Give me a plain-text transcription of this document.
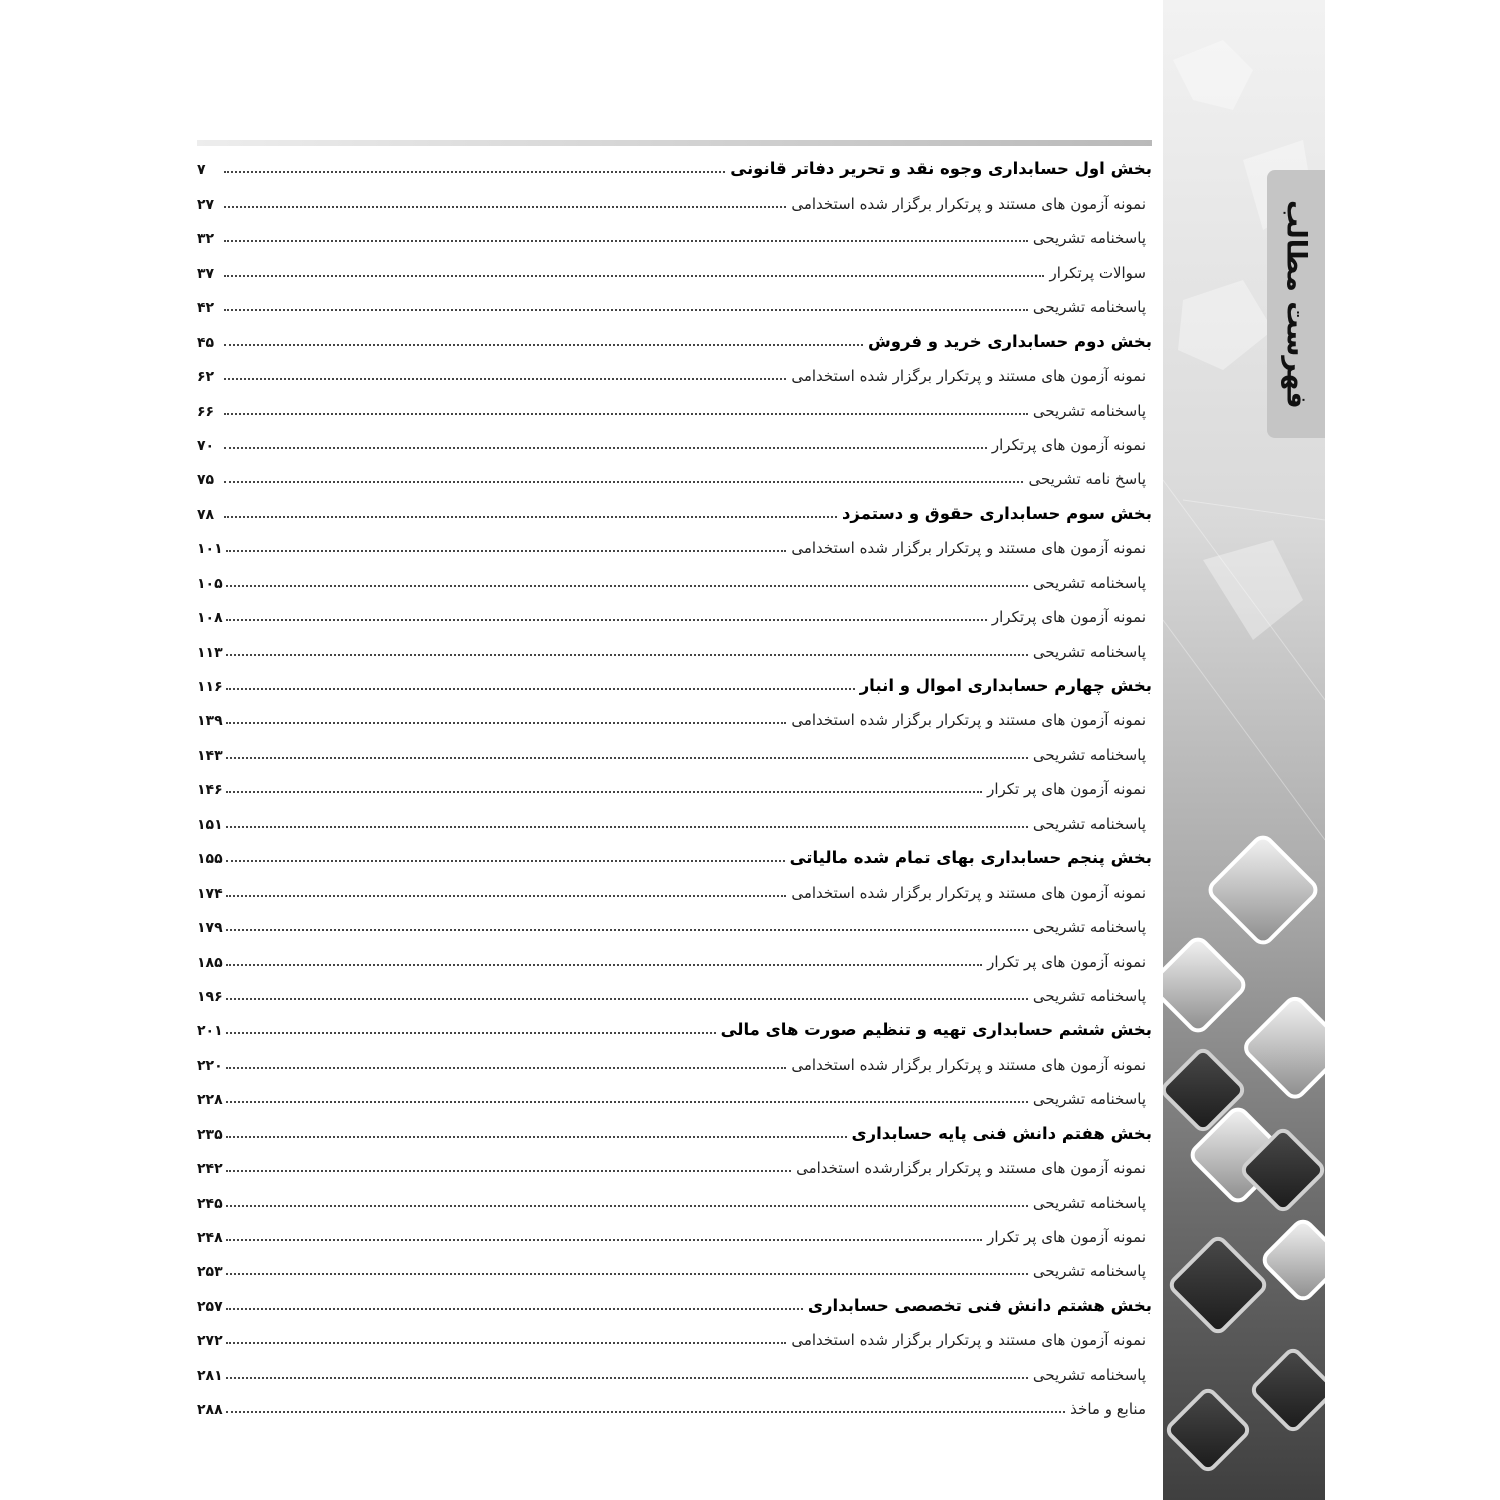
فهرست مطالب
بخش اول حسابداری وجوه نقد و تحریر دفاتر قانونی
۷
نمونه آزمون های مستند و پرتکرار برگزار شده استخدامی
۲۷
پاسخنامه تشریحی
۳۲
سوالات پرتکرار
۳۷
پاسخنامه تشریحی
۴۲
بخش دوم حسابداری خرید و فروش
۴۵
نمونه آزمون های مستند و پرتکرار برگزار شده استخدامی
۶۲
پاسخنامه تشریحی
۶۶
نمونه آزمون های پرتکرار
۷۰
پاسخ نامه تشریحی
۷۵
بخش سوم حسابداری حقوق و دستمزد
۷۸
نمونه آزمون های مستند و پرتکرار برگزار شده استخدامی
۱۰۱
پاسخنامه تشریحی
۱۰۵
نمونه آزمون های پرتکرار
۱۰۸
پاسخنامه تشریحی
۱۱۳
بخش چهارم حسابداری اموال و انبار
۱۱۶
نمونه آزمون های مستند و پرتکرار برگزار شده استخدامی
۱۳۹
پاسخنامه تشریحی
۱۴۳
نمونه آزمون های پر تکرار
۱۴۶
پاسخنامه تشریحی
۱۵۱
بخش پنجم حسابداری بهای تمام شده مالیاتی
۱۵۵
نمونه آزمون های مستند و پرتکرار برگزار شده استخدامی
۱۷۴
پاسخنامه تشریحی
۱۷۹
نمونه آزمون های پر تکرار
۱۸۵
پاسخنامه تشریحی
۱۹۶
بخش ششم حسابداری تهیه و تنظیم صورت های مالی
۲۰۱
نمونه آزمون های مستند و پرتکرار برگزار شده استخدامی
۲۲۰
پاسخنامه تشریحی
۲۲۸
بخش هفتم دانش فنی پایه حسابداری
۲۳۵
نمونه آزمون های مستند و پرتکرار برگزارشده استخدامی
۲۴۲
پاسخنامه تشریحی
۲۴۵
نمونه آزمون های پر تکرار
۲۴۸
پاسخنامه تشریحی
۲۵۳
بخش هشتم دانش فنی تخصصی حسابداری
۲۵۷
نمونه آزمون های مستند و پرتکرار برگزار شده استخدامی
۲۷۲
پاسخنامه تشریحی
۲۸۱
منابع و ماخذ
۲۸۸
